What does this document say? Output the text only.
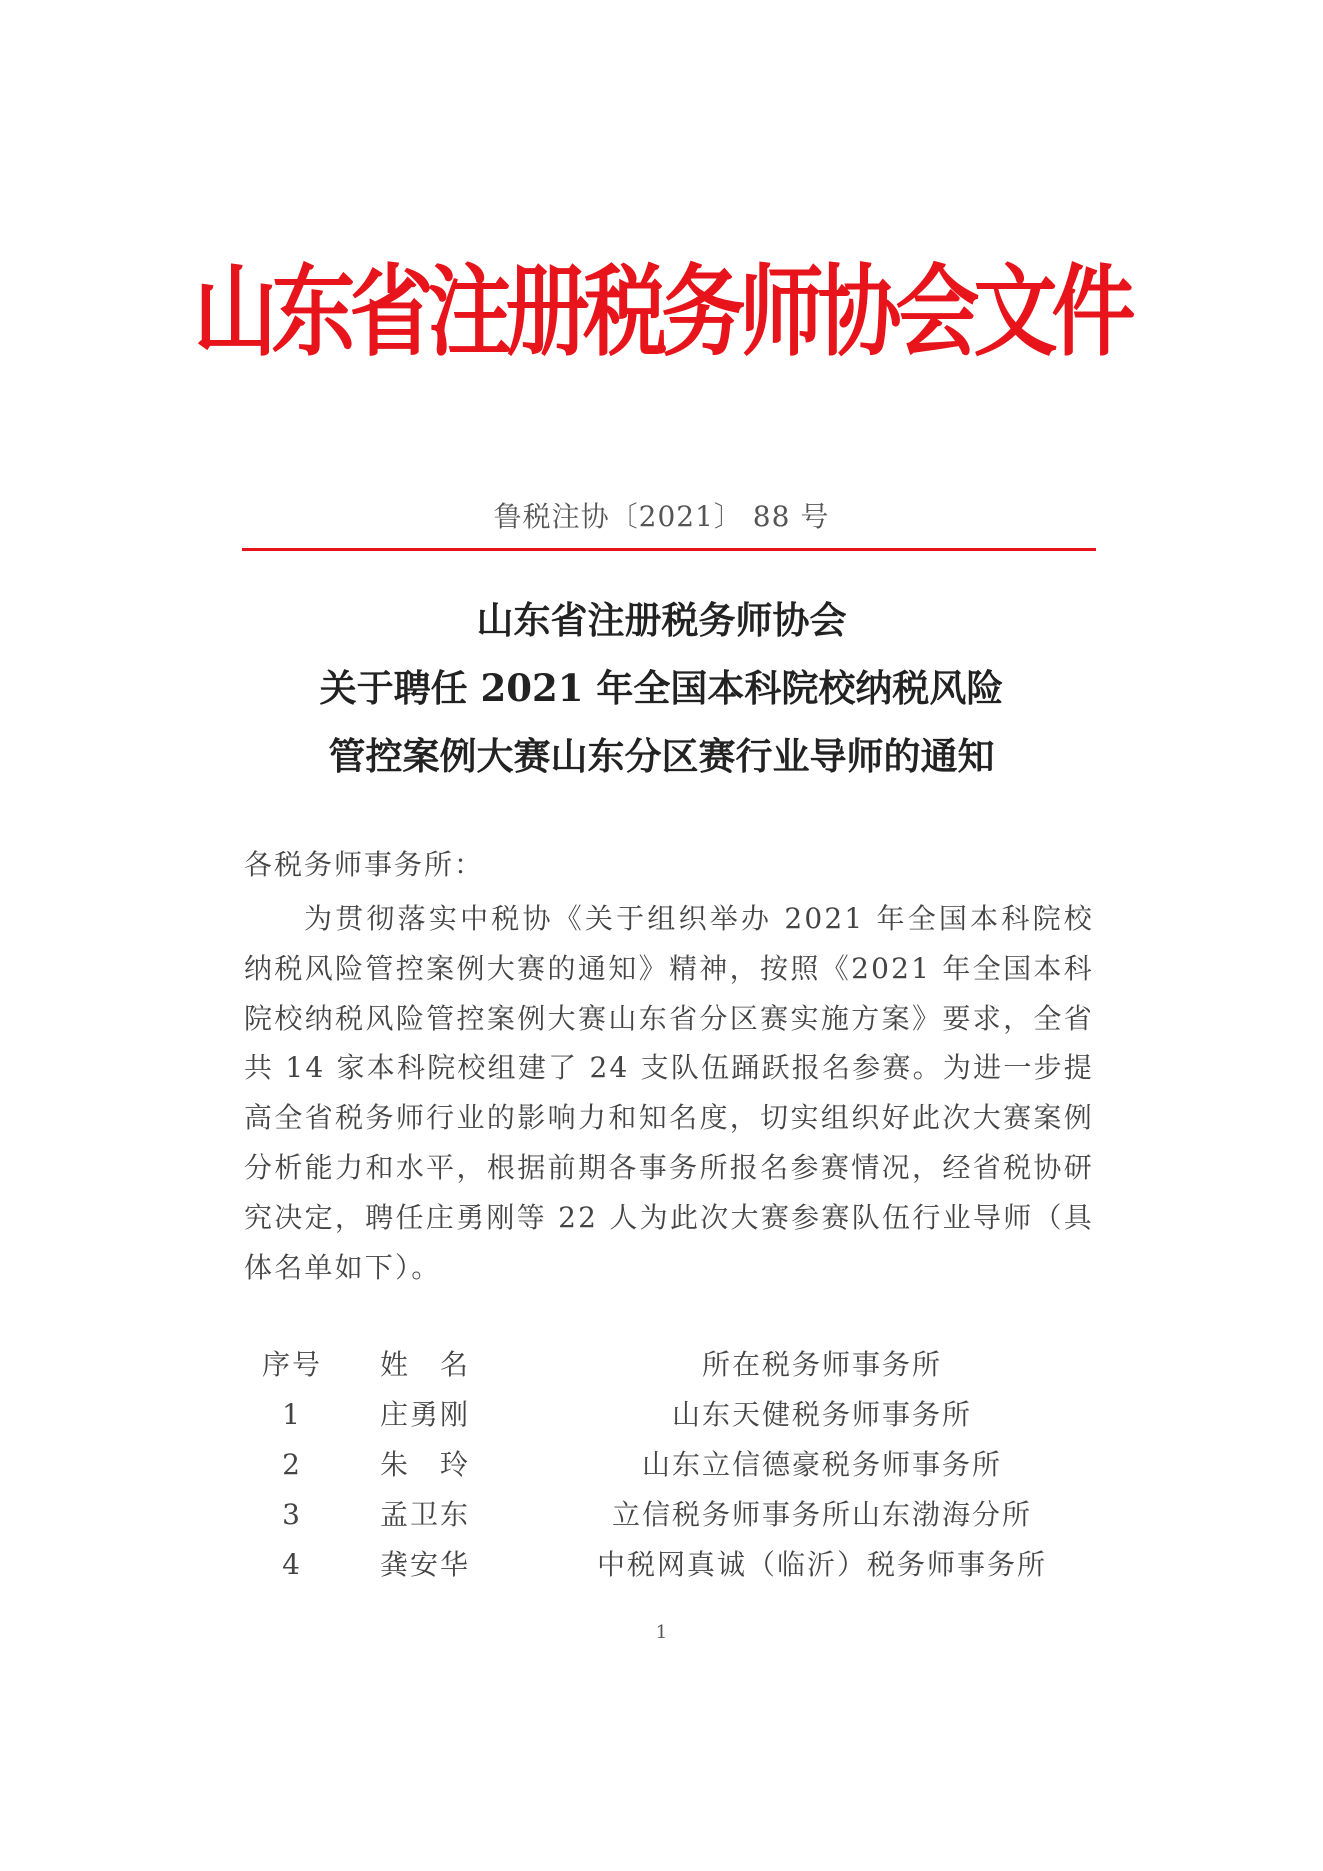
山东省注册税务师协会文件
鲁税注协〔2021〕 88 号
山东省注册税务师协会
关于聘任 2021 年全国本科院校纳税风险
管控案例大赛山东分区赛行业导师的通知
各税务师事务所：
为贯彻落实中税协《关于组织举办 2021 年全国本科院校纳税风险管控案例大赛的通知》精神，按照《2021 年全国本科院校纳税风险管控案例大赛山东省分区赛实施方案》要求，全省共 14 家本科院校组建了 24 支队伍踊跃报名参赛。为进一步提高全省税务师行业的影响力和知名度，切实组织好此次大赛案例分析能力和水平，根据前期各事务所报名参赛情况，经省税协研究决定，聘任庄勇刚等 22 人为此次大赛参赛队伍行业导师（具体名单如下）。
序号	姓　名	所在税务师事务所
1	庄勇刚	山东天健税务师事务所
2	朱　玲	山东立信德豪税务师事务所
3	孟卫东	立信税务师事务所山东渤海分所
4	龚安华	中税网真诚（临沂）税务师事务所
1
